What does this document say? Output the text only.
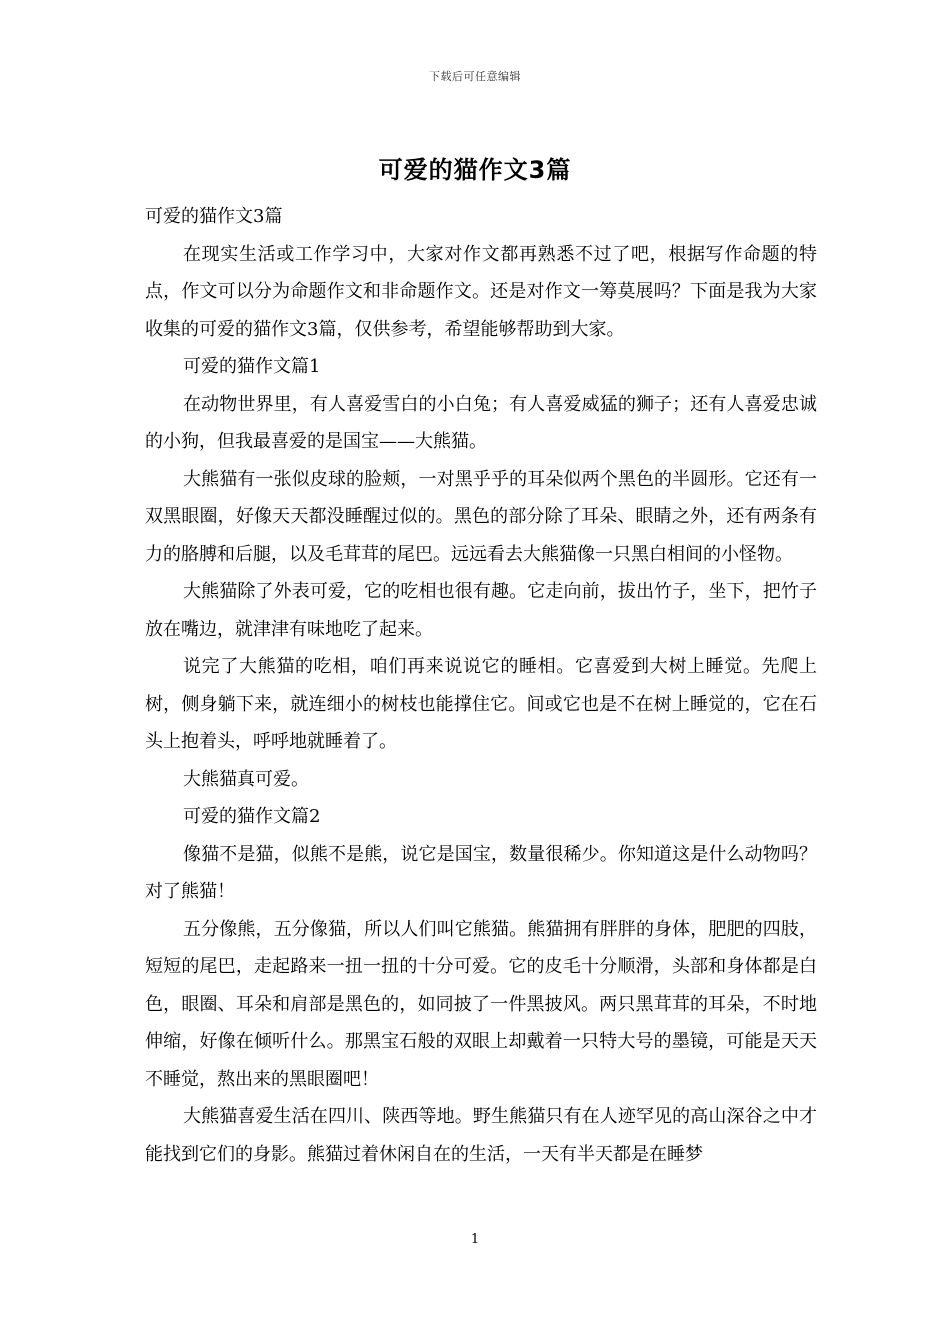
下载后可任意编辑
可爱的猫作文3篇

可爱的猫作文3篇

在现实生活或工作学习中，大家对作文都再熟悉不过了吧，根据写作命题的特点，作文可以分为命题作文和非命题作文。还是对作文一筹莫展吗？下面是我为大家收集的可爱的猫作文3篇，仅供参考，希望能够帮助到大家。

可爱的猫作文篇1

在动物世界里，有人喜爱雪白的小白兔；有人喜爱威猛的狮子；还有人喜爱忠诚的小狗，但我最喜爱的是国宝——大熊猫。

大熊猫有一张似皮球的脸颊，一对黑乎乎的耳朵似两个黑色的半圆形。它还有一双黑眼圈，好像天天都没睡醒过似的。黑色的部分除了耳朵、眼睛之外，还有两条有力的胳膊和后腿，以及毛茸茸的尾巴。远远看去大熊猫像一只黑白相间的小怪物。

大熊猫除了外表可爱，它的吃相也很有趣。它走向前，拔出竹子，坐下，把竹子放在嘴边，就津津有味地吃了起来。

说完了大熊猫的吃相，咱们再来说说它的睡相。它喜爱到大树上睡觉。先爬上树，侧身躺下来，就连细小的树枝也能撑住它。间或它也是不在树上睡觉的，它在石头上抱着头，呼呼地就睡着了。

大熊猫真可爱。

可爱的猫作文篇2

像猫不是猫，似熊不是熊，说它是国宝，数量很稀少。你知道这是什么动物吗？对了熊猫！

五分像熊，五分像猫，所以人们叫它熊猫。熊猫拥有胖胖的身体，肥肥的四肢，短短的尾巴，走起路来一扭一扭的十分可爱。它的皮毛十分顺滑，头部和身体都是白色，眼圈、耳朵和肩部是黑色的，如同披了一件黑披风。两只黑茸茸的耳朵，不时地伸缩，好像在倾听什么。那黑宝石般的双眼上却戴着一只特大号的墨镜，可能是天天不睡觉，熬出来的黑眼圈吧！

大熊猫喜爱生活在四川、陕西等地。野生熊猫只有在人迹罕见的高山深谷之中才能找到它们的身影。熊猫过着休闲自在的生活，一天有半天都是在睡梦

1
